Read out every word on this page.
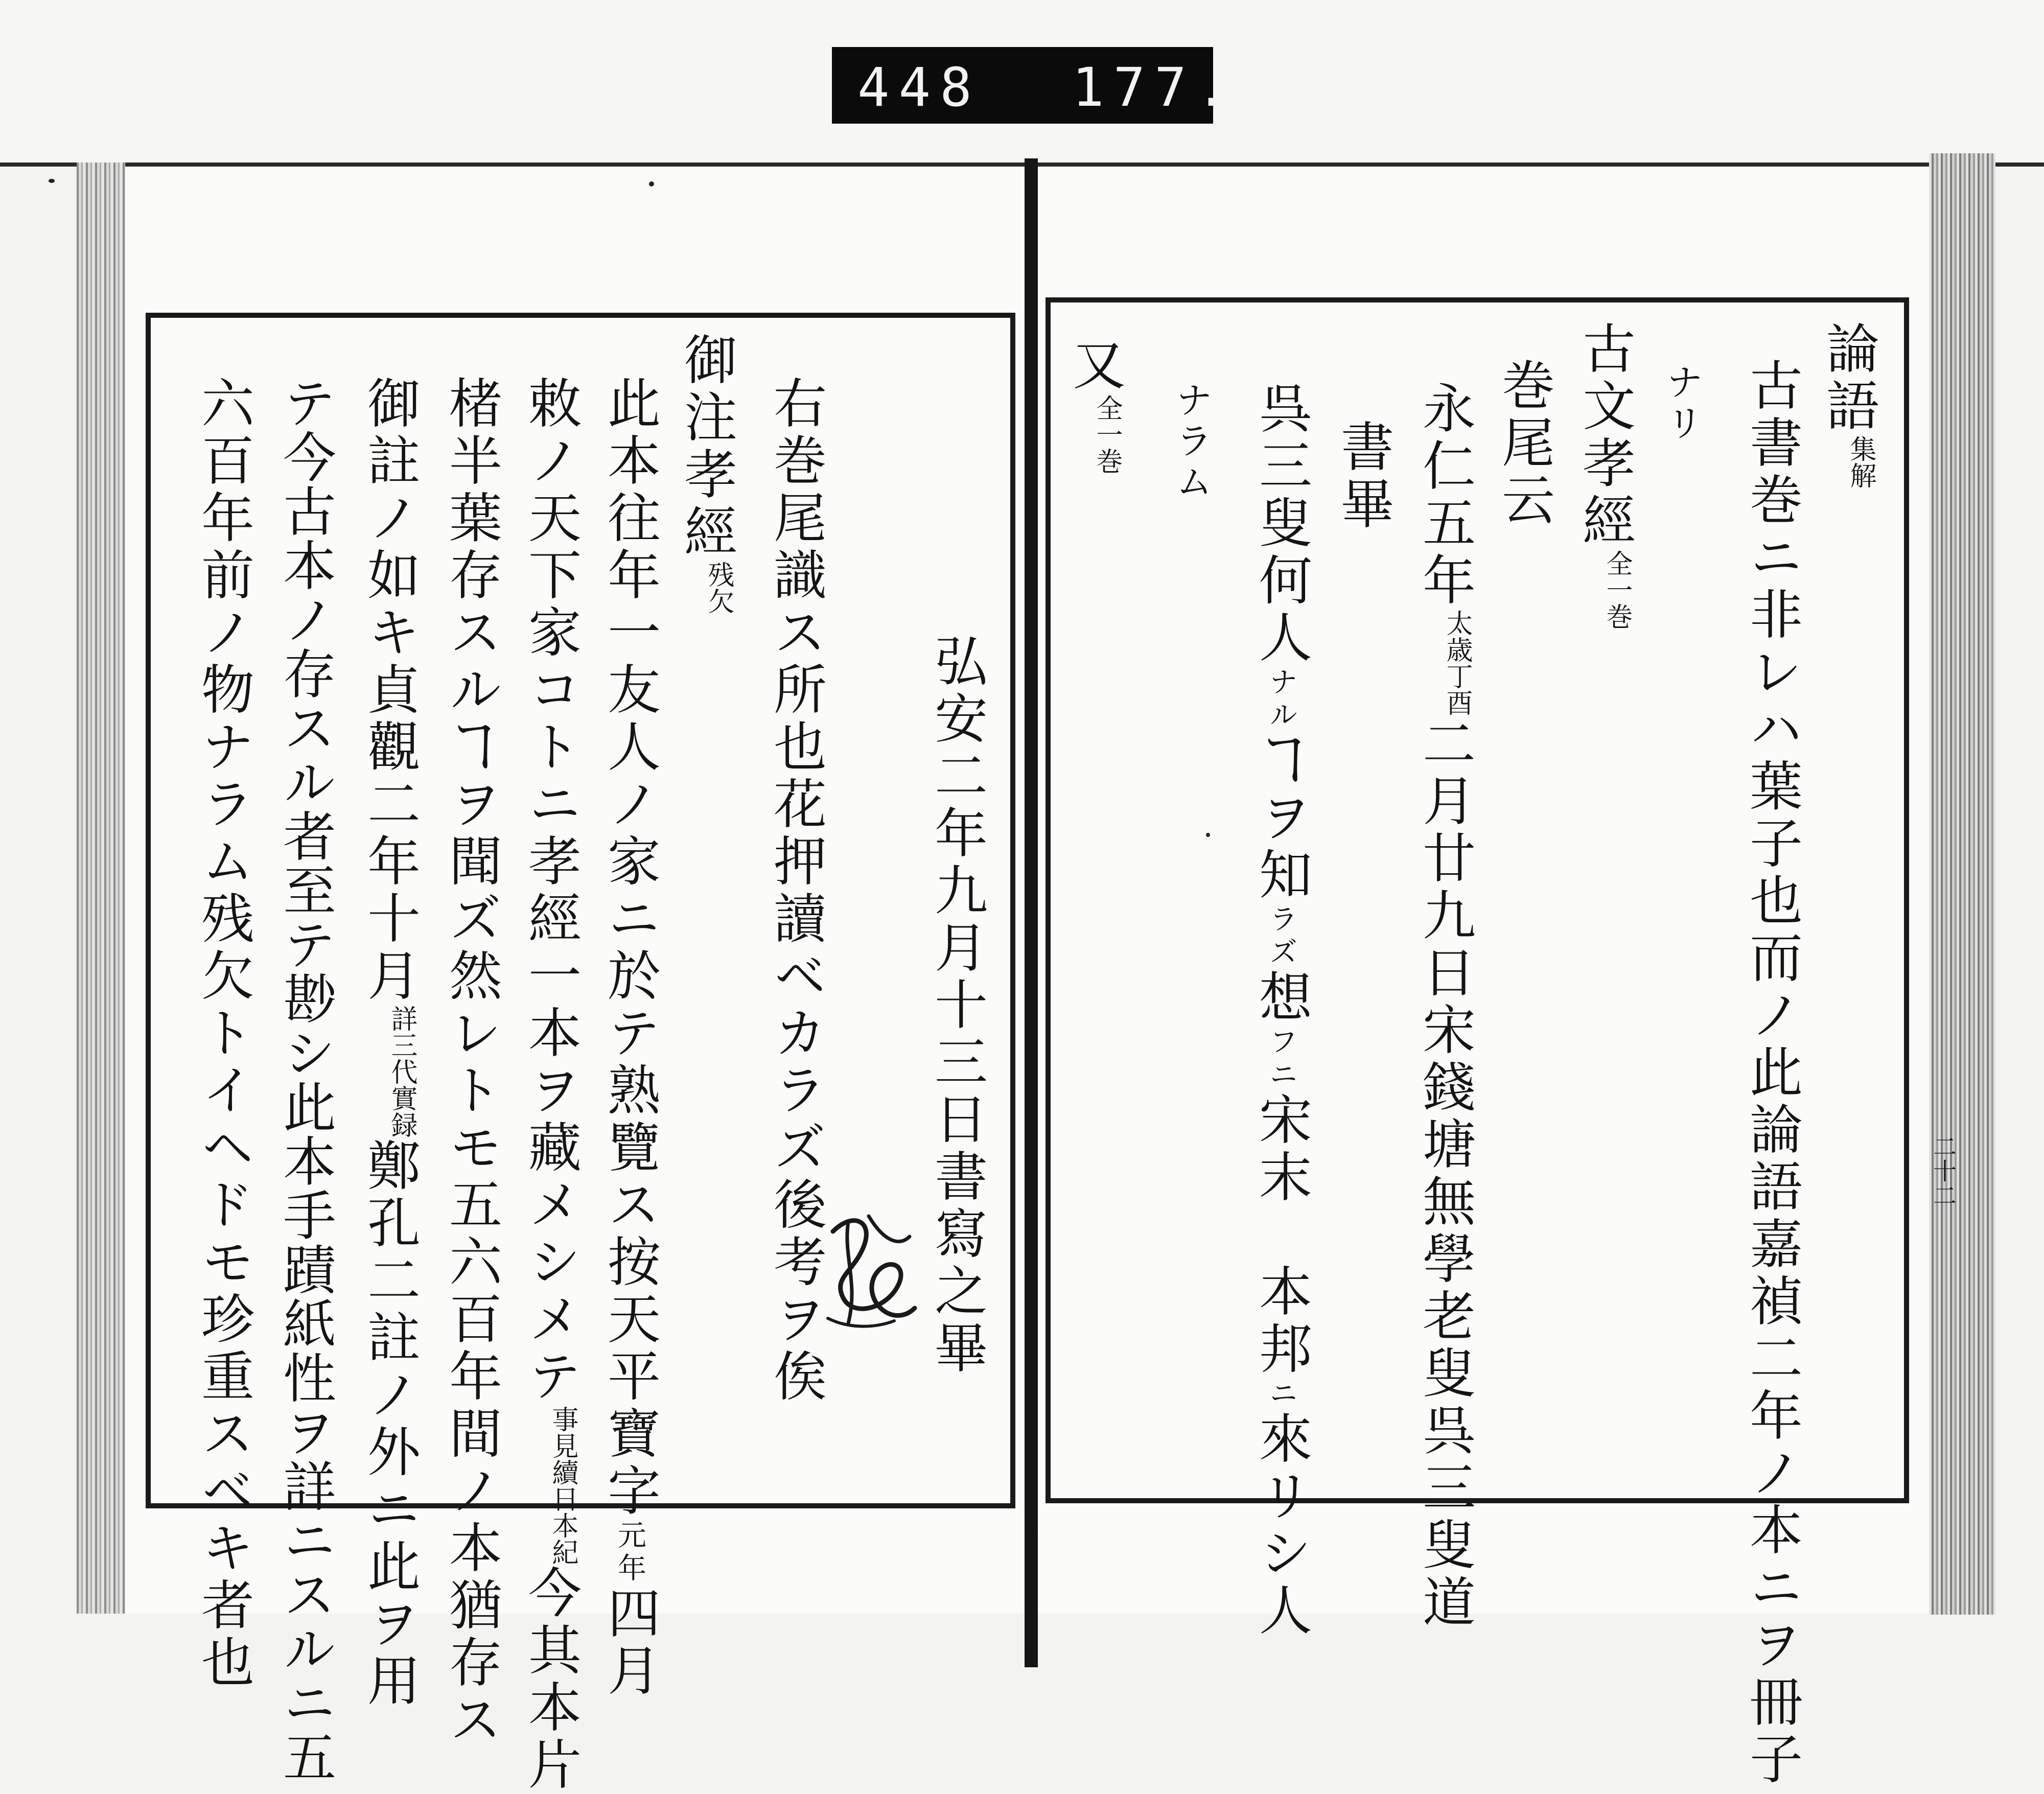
448 177.
論語集解
古書巻ニ非レハ葉子也而ノ此論語嘉禎二年ノ本ニヲ冊子
ナリ
古文孝經全一巻
巻尾云
永仁五年太歳丁酉二月廿九日宋錢塘無學老叟呉三叟道
書畢
呉三叟何人ナルヿヲ知ラズ想フニ宋末　本邦ニ來リシ人
ナラム
又全一巻
二十二
弘安二年九月十三日書寫之畢
右巻尾識ス所也花押讀ベカラズ後考ヲ俟
御注孝經残欠
此本往年一友人ノ家ニ於テ熟覽ス按天平寶字元年四月
敕ノ天下家コトニ孝經一本ヲ藏メシメテ事見續日本紀今其本片
楮半葉存スルヿヲ聞ズ然レトモ五六百年間ノ本猶存ス
御註ノ如キ貞觀二年十月詳三代實録鄭孔二註ノ外ニ此ヲ用
テ今古本ノ存スル者至テ尠シ此本手蹟紙性ヲ詳ニスルニ五
六百年前ノ物ナラム残欠トイヘドモ珍重スベキ者也
